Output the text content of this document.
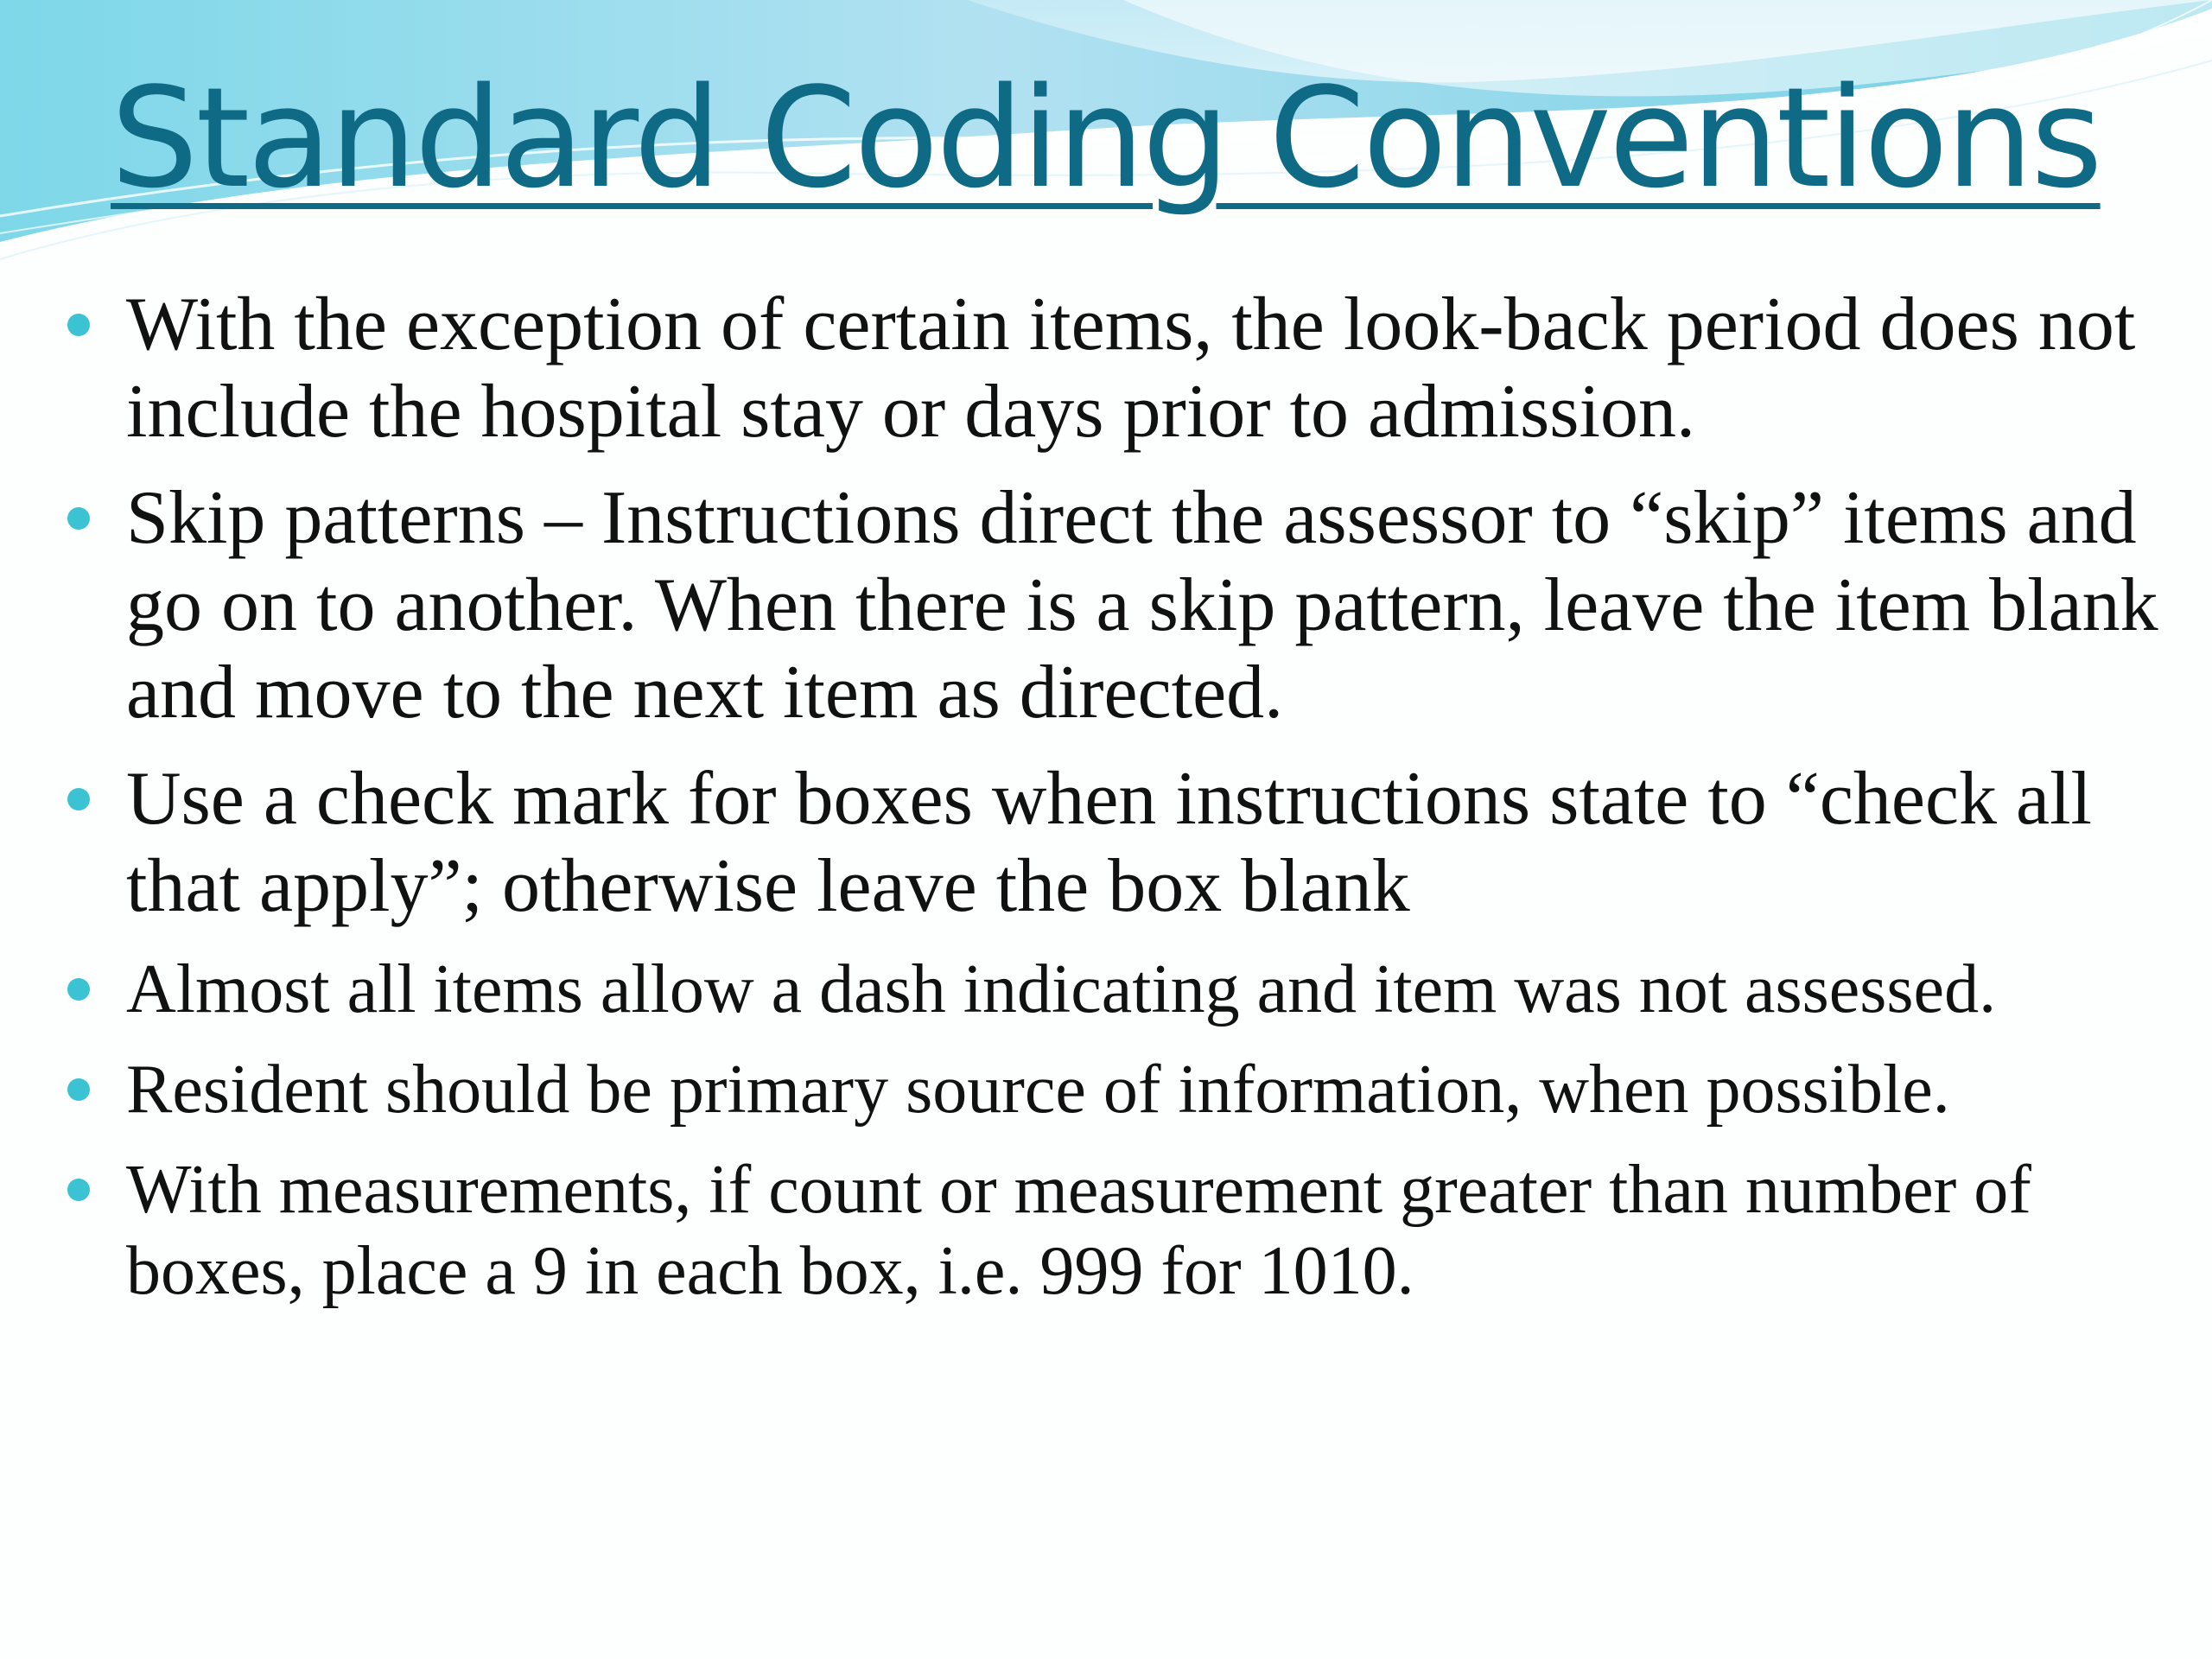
Standard Coding Conventions
With the exception of certain items, the look-back period does not include the hospital stay or days prior to admission.
Skip patterns – Instructions direct the assessor to “skip” items and go on to another. When there is a skip pattern, leave the item blank and move to the next item as directed.
Use a check mark for boxes when instructions state to “check all that apply”; otherwise leave the box blank
Almost all items allow a dash indicating and item was not assessed.
Resident should be primary source of information, when possible.
With measurements, if count or measurement greater than number of boxes, place a 9 in each box, i.e. 999 for 1010.
